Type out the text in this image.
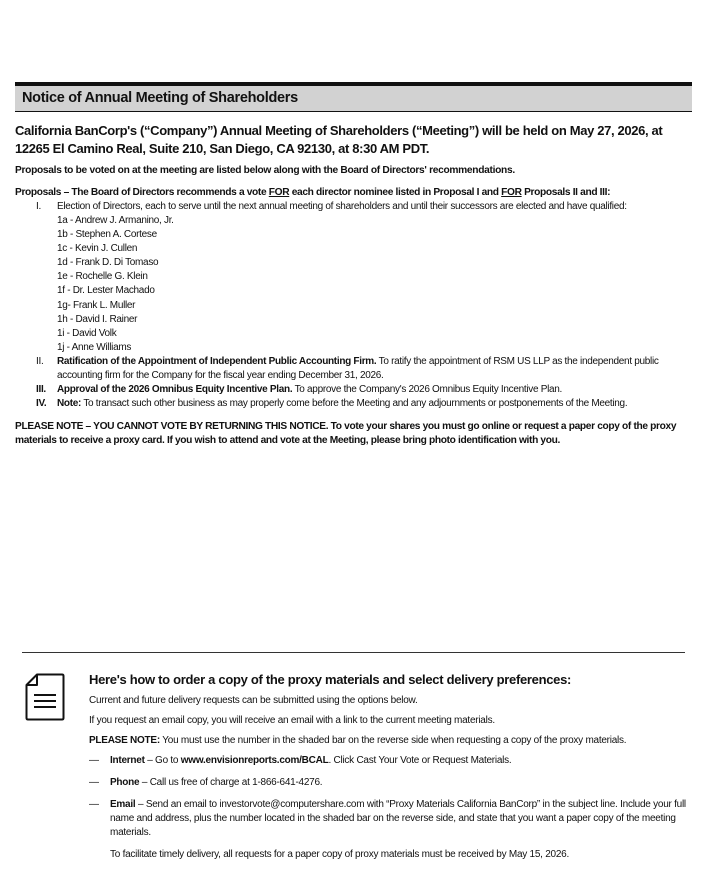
Notice of Annual Meeting of Shareholders
California BanCorp's (“Company”) Annual Meeting of Shareholders (“Meeting”) will be held on May 27, 2026, at 12265 El Camino Real, Suite 210, San Diego, CA 92130, at 8:30 AM PDT.
Proposals to be voted on at the meeting are listed below along with the Board of Directors' recommendations.
Proposals – The Board of Directors recommends a vote FOR each director nominee listed in Proposal I and FOR Proposals II and III:
I. Election of Directors, each to serve until the next annual meeting of shareholders and until their successors are elected and have qualified:
1a - Andrew J. Armanino, Jr.
1b - Stephen A. Cortese
1c - Kevin J. Cullen
1d - Frank D. Di Tomaso
1e - Rochelle G. Klein
1f - Dr. Lester Machado
1g- Frank L. Muller
1h - David I. Rainer
1i - David Volk
1j - Anne Williams
II. Ratification of the Appointment of Independent Public Accounting Firm. To ratify the appointment of RSM US LLP as the independent public accounting firm for the Company for the fiscal year ending December 31, 2026.
III. Approval of the 2026 Omnibus Equity Incentive Plan. To approve the Company's 2026 Omnibus Equity Incentive Plan.
IV. Note: To transact such other business as may properly come before the Meeting and any adjournments or postponements of the Meeting.
PLEASE NOTE – YOU CANNOT VOTE BY RETURNING THIS NOTICE. To vote your shares you must go online or request a paper copy of the proxy materials to receive a proxy card. If you wish to attend and vote at the Meeting, please bring photo identification with you.
Here's how to order a copy of the proxy materials and select delivery preferences:
Current and future delivery requests can be submitted using the options below.
If you request an email copy, you will receive an email with a link to the current meeting materials.
PLEASE NOTE: You must use the number in the shaded bar on the reverse side when requesting a copy of the proxy materials.
— Internet – Go to www.envisionreports.com/BCAL. Click Cast Your Vote or Request Materials.
— Phone – Call us free of charge at 1-866-641-4276.
— Email – Send an email to investorvote@computershare.com with “Proxy Materials California BanCorp” in the subject line. Include your full name and address, plus the number located in the shaded bar on the reverse side, and state that you want a paper copy of the meeting materials.
To facilitate timely delivery, all requests for a paper copy of proxy materials must be received by May 15, 2026.
